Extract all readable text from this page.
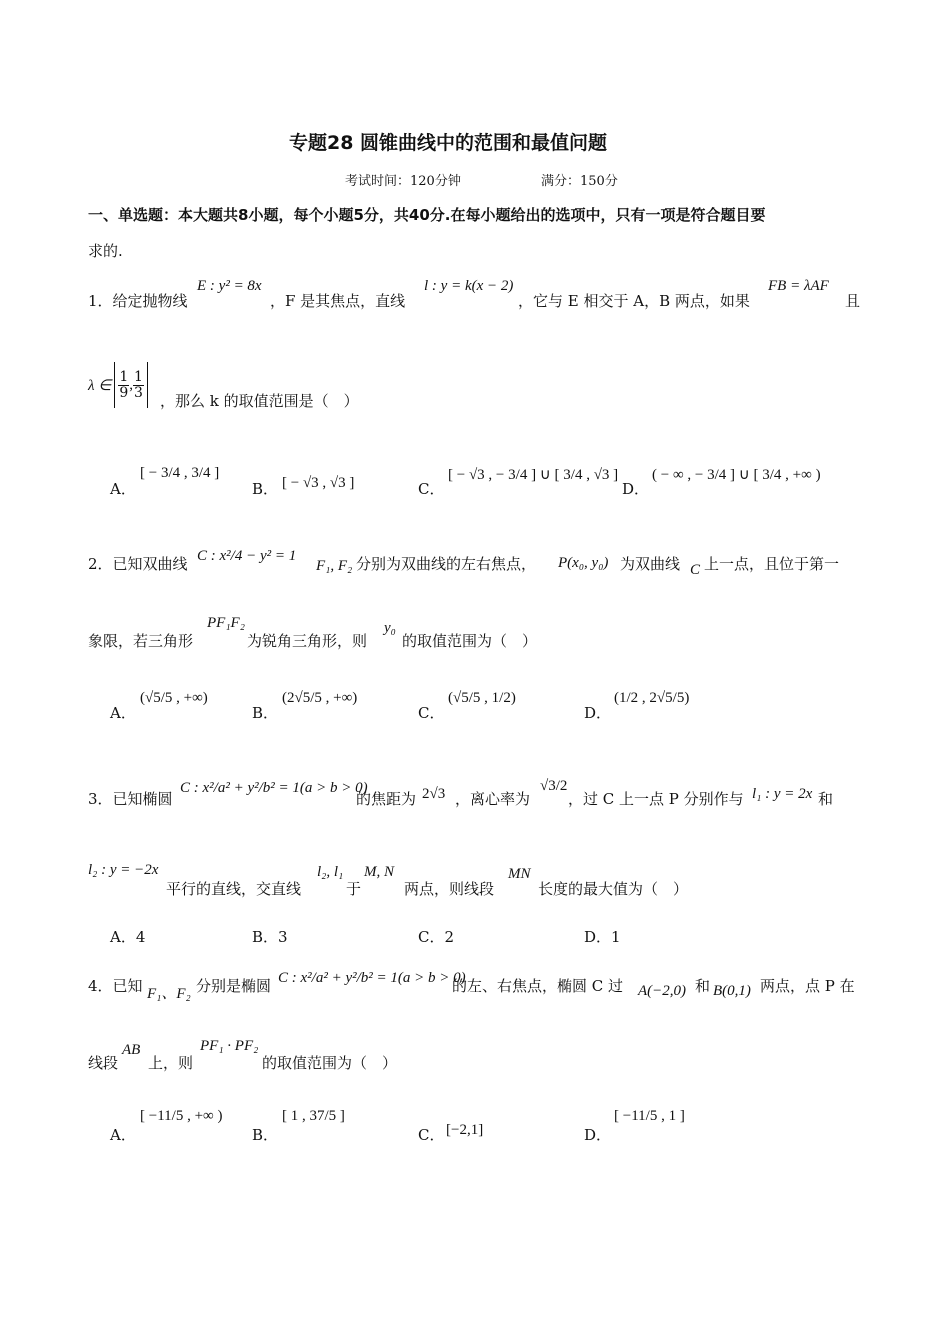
专题28 圆锥曲线中的范围和最值问题
考试时间：120分钟	满分：150分
一、单选题：本大题共8小题，每个小题5分，共40分.在每小题给出的选项中，只有一项是符合题目要
求的.
1．给定抛物线
E : y² = 8x
，F 是其焦点，直线
l : y = k(x − 2)
，它与 E 相交于 A，B 两点，如果
FB = λAF
且
λ ∈ $\frac{1}{9}$ , $\frac{1}{3}$
，那么 k 的取值范围是（　）
A．
[ − 3/4 , 3/4 ]
B． [ − √3 , √3 ]	C．
[ − √3 , − 3/4 ] ∪ [ 3/4 , √3 ]
D．
( − ∞ , − 3/4 ] ∪ [ 3/4 , +∞ )
2．已知双曲线 C : x²/4 − y² = 1
F₁, F₂ 分别为双曲线的左右焦点， P(x₀, y₀) 为双曲线 C 上一点，且位于第一
象限，若三角形
PF₁F₂
为锐角三角形，则
y₀
的取值范围为（　）
A．
(√5/5 , +∞)
B．
(2√5/5 , +∞)
C．
(√5/5 , 1/2)
D．
(1/2 , 2√5/5)
3．已知椭圆
C : x²/a² + y²/b² = 1(a > b > 0)
的焦距为 2√3 ，离心率为
√3/2
，过 C 上一点 P 分别作与 l₁ : y = 2x 和
l₂ : y = −2x
平行的直线，交直线
l₂, l₁
于
M, N
两点，则线段
MN
长度的最大值为（　）
A．4	B．3	C．2	D．1
4．已知 F₁、F₂ 分别是椭圆 C : x²/a² + y²/b² = 1(a > b > 0)
的左、右焦点，椭圆 C 过 A(−2,0) 和 B(0,1) 两点，点 P 在
线段
AB
上，则
PF₁ · PF₂
的取值范围为（　）
A．
[ −11/5 , +∞ )
B．
[ 1 , 37/5 ]
C． [−2,1]	D．
[ −11/5 , 1 ]
